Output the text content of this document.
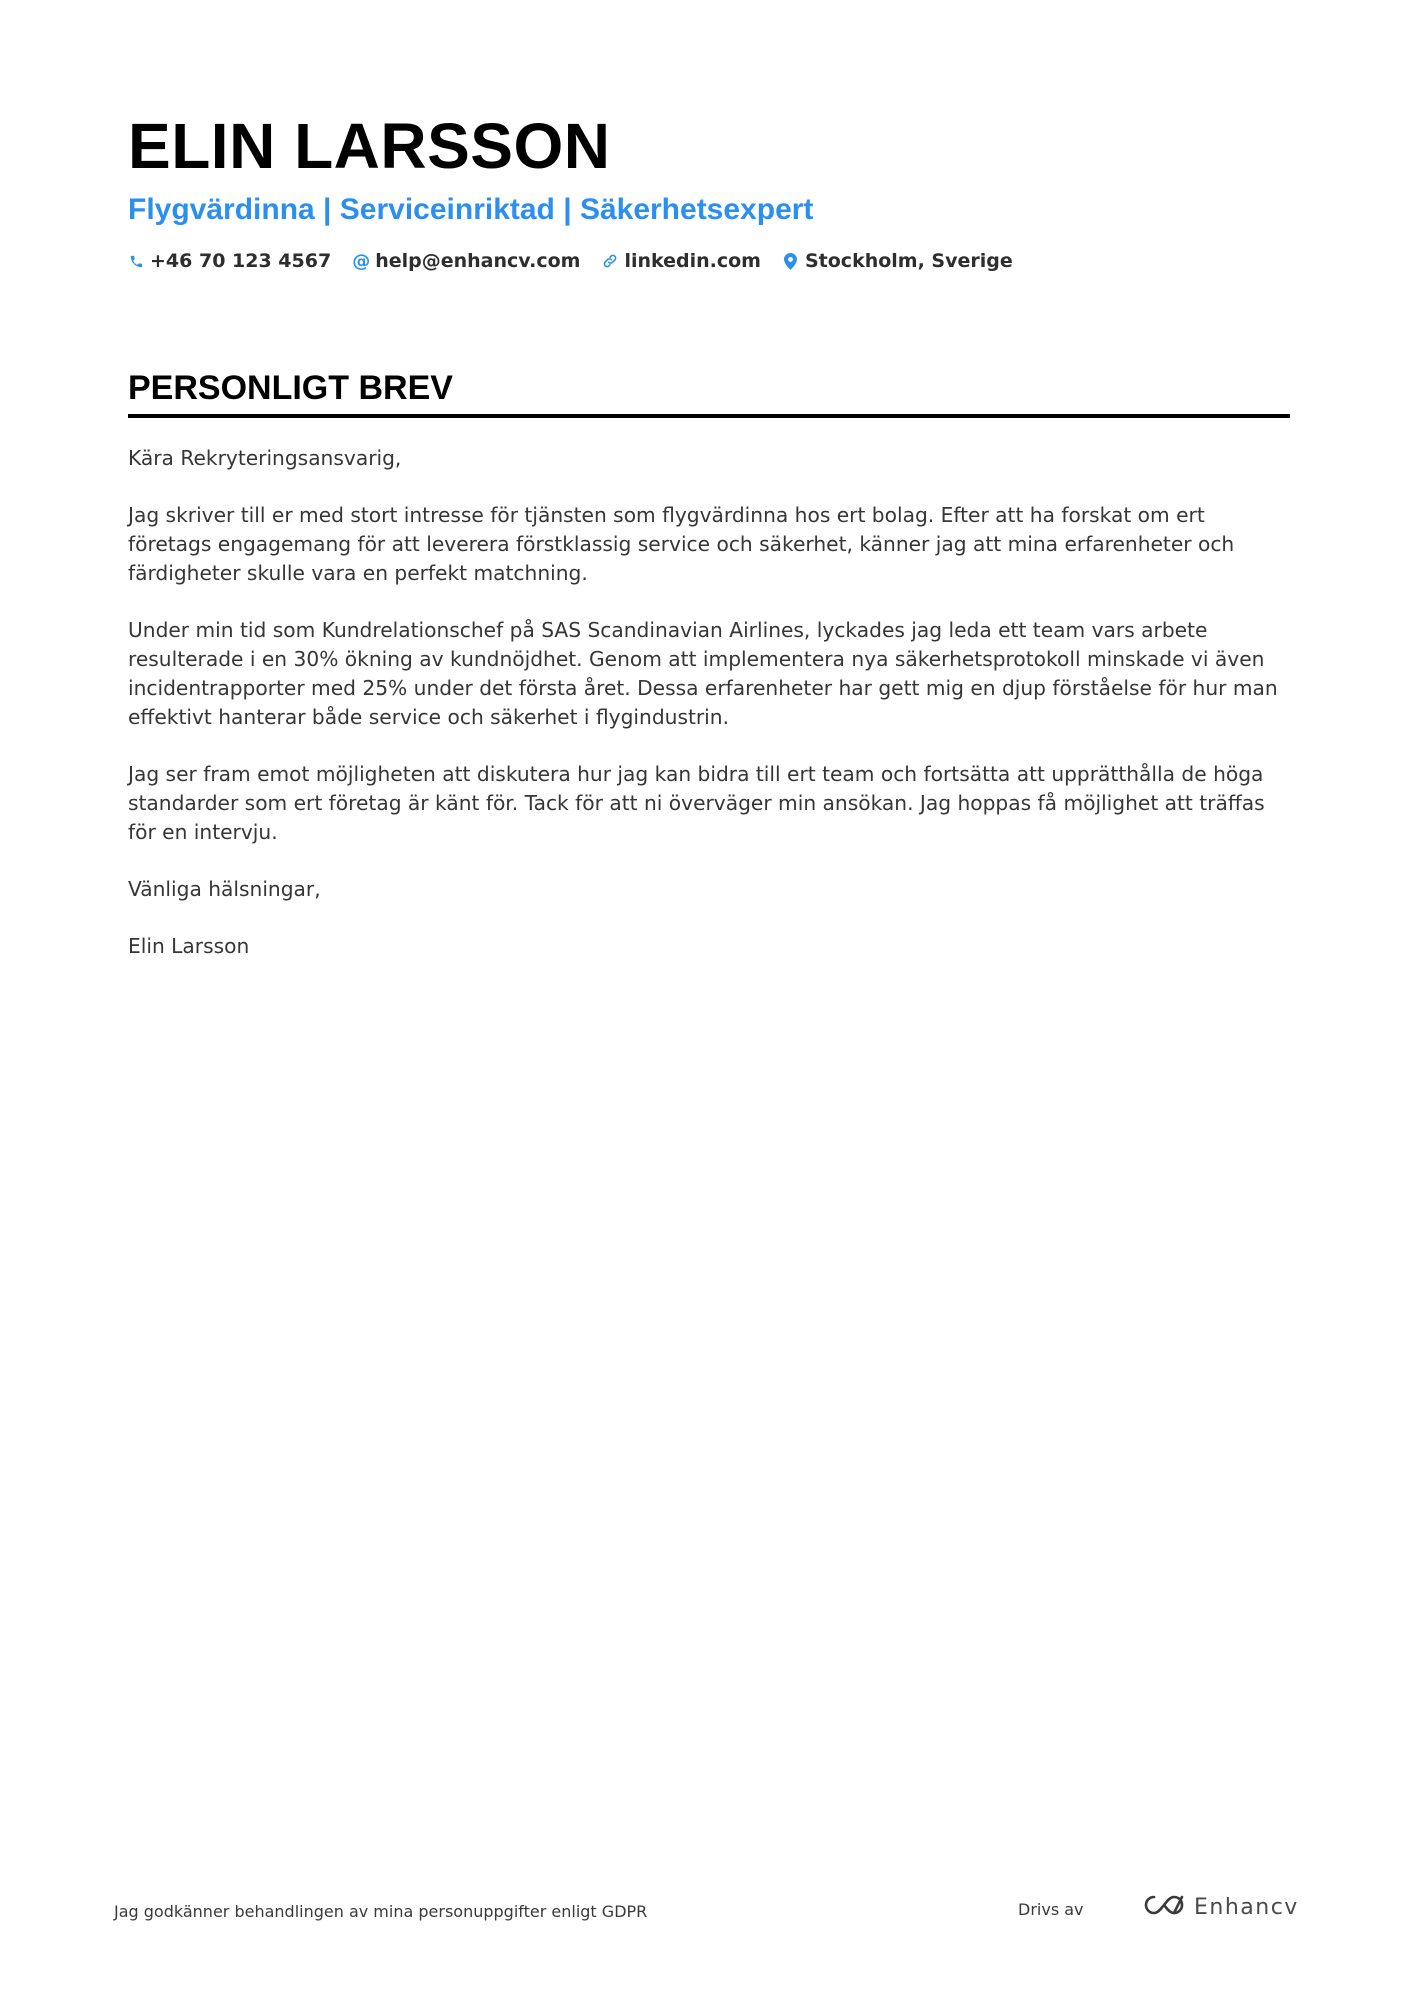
ELIN LARSSON
Flygvärdinna | Serviceinriktad | Säkerhetsexpert
+46 70 123 4567 @ help@enhancv.com linkedin.com Stockholm, Sverige
PERSONLIGT BREV

Kära Rekryteringsansvarig,

Jag skriver till er med stort intresse för tjänsten som flygvärdinna hos ert bolag. Efter att ha forskat om ert företags engagemang för att leverera förstklassig service och säkerhet, känner jag att mina erfarenheter och färdigheter skulle vara en perfekt matchning.

Under min tid som Kundrelationschef på SAS Scandinavian Airlines, lyckades jag leda ett team vars arbete resulterade i en 30% ökning av kundnöjdhet. Genom att implementera nya säkerhetsprotokoll minskade vi även incidentrapporter med 25% under det första året. Dessa erfarenheter har gett mig en djup förståelse för hur man effektivt hanterar både service och säkerhet i flygindustrin.

Jag ser fram emot möjligheten att diskutera hur jag kan bidra till ert team och fortsätta att upprätthålla de höga standarder som ert företag är känt för. Tack för att ni överväger min ansökan. Jag hoppas få möjlighet att träffas för en intervju.

Vänliga hälsningar,

Elin Larsson

Jag godkänner behandlingen av mina personuppgifter enligt GDPR	Drivs av	Enhancv
